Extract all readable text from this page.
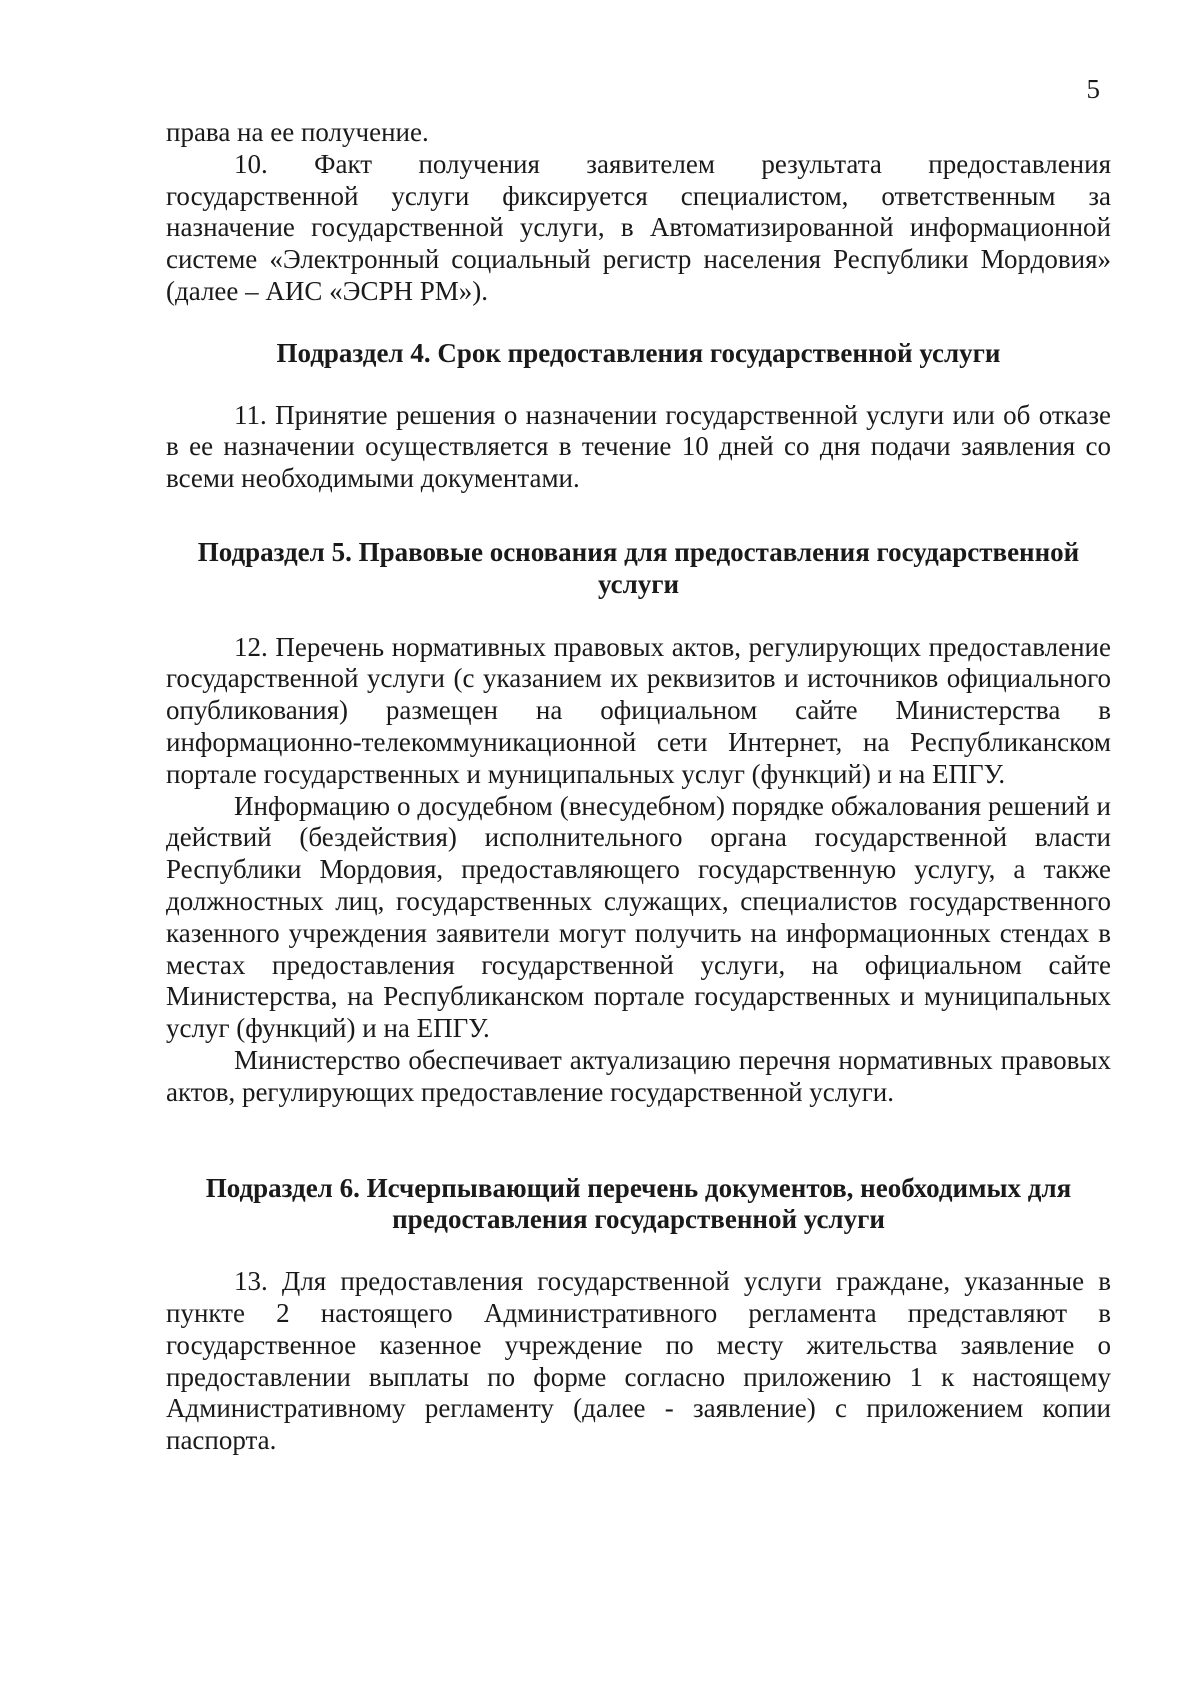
5

права на ее получение.

10. Факт получения заявителем результата предоставления государственной услуги фиксируется специалистом, ответственным за назначение государственной услуги, в Автоматизированной информационной системе «Электронный социальный регистр населения Республики Мордовия» (далее – АИС «ЭСРН РМ»).

Подраздел 4. Срок предоставления государственной услуги

11. Принятие решения о назначении государственной услуги или об отказе в ее назначении осуществляется в течение 10 дней со дня подачи заявления со всеми необходимыми документами.

Подраздел 5. Правовые основания для предоставления государственной услуги

12. Перечень нормативных правовых актов, регулирующих предоставление государственной услуги (с указанием их реквизитов и источников официального опубликования) размещен на официальном сайте Министерства в информационно-телекоммуникационной сети Интернет, на Республиканском портале государственных и муниципальных услуг (функций) и на ЕПГУ.

Информацию о досудебном (внесудебном) порядке обжалования решений и действий (бездействия) исполнительного органа государственной власти Республики Мордовия, предоставляющего государственную услугу, а также должностных лиц, государственных служащих, специалистов государственного казенного учреждения заявители могут получить на информационных стендах в местах предоставления государственной услуги, на официальном сайте Министерства, на Республиканском портале государственных и муниципальных услуг (функций) и на ЕПГУ.

Министерство обеспечивает актуализацию перечня нормативных правовых актов, регулирующих предоставление государственной услуги.

Подраздел 6. Исчерпывающий перечень документов, необходимых для предоставления государственной услуги

13. Для предоставления государственной услуги граждане, указанные в пункте 2 настоящего Административного регламента представляют в государственное казенное учреждение по месту жительства заявление о предоставлении выплаты по форме согласно приложению 1 к настоящему Административному регламенту (далее - заявление) с приложением копии паспорта.
